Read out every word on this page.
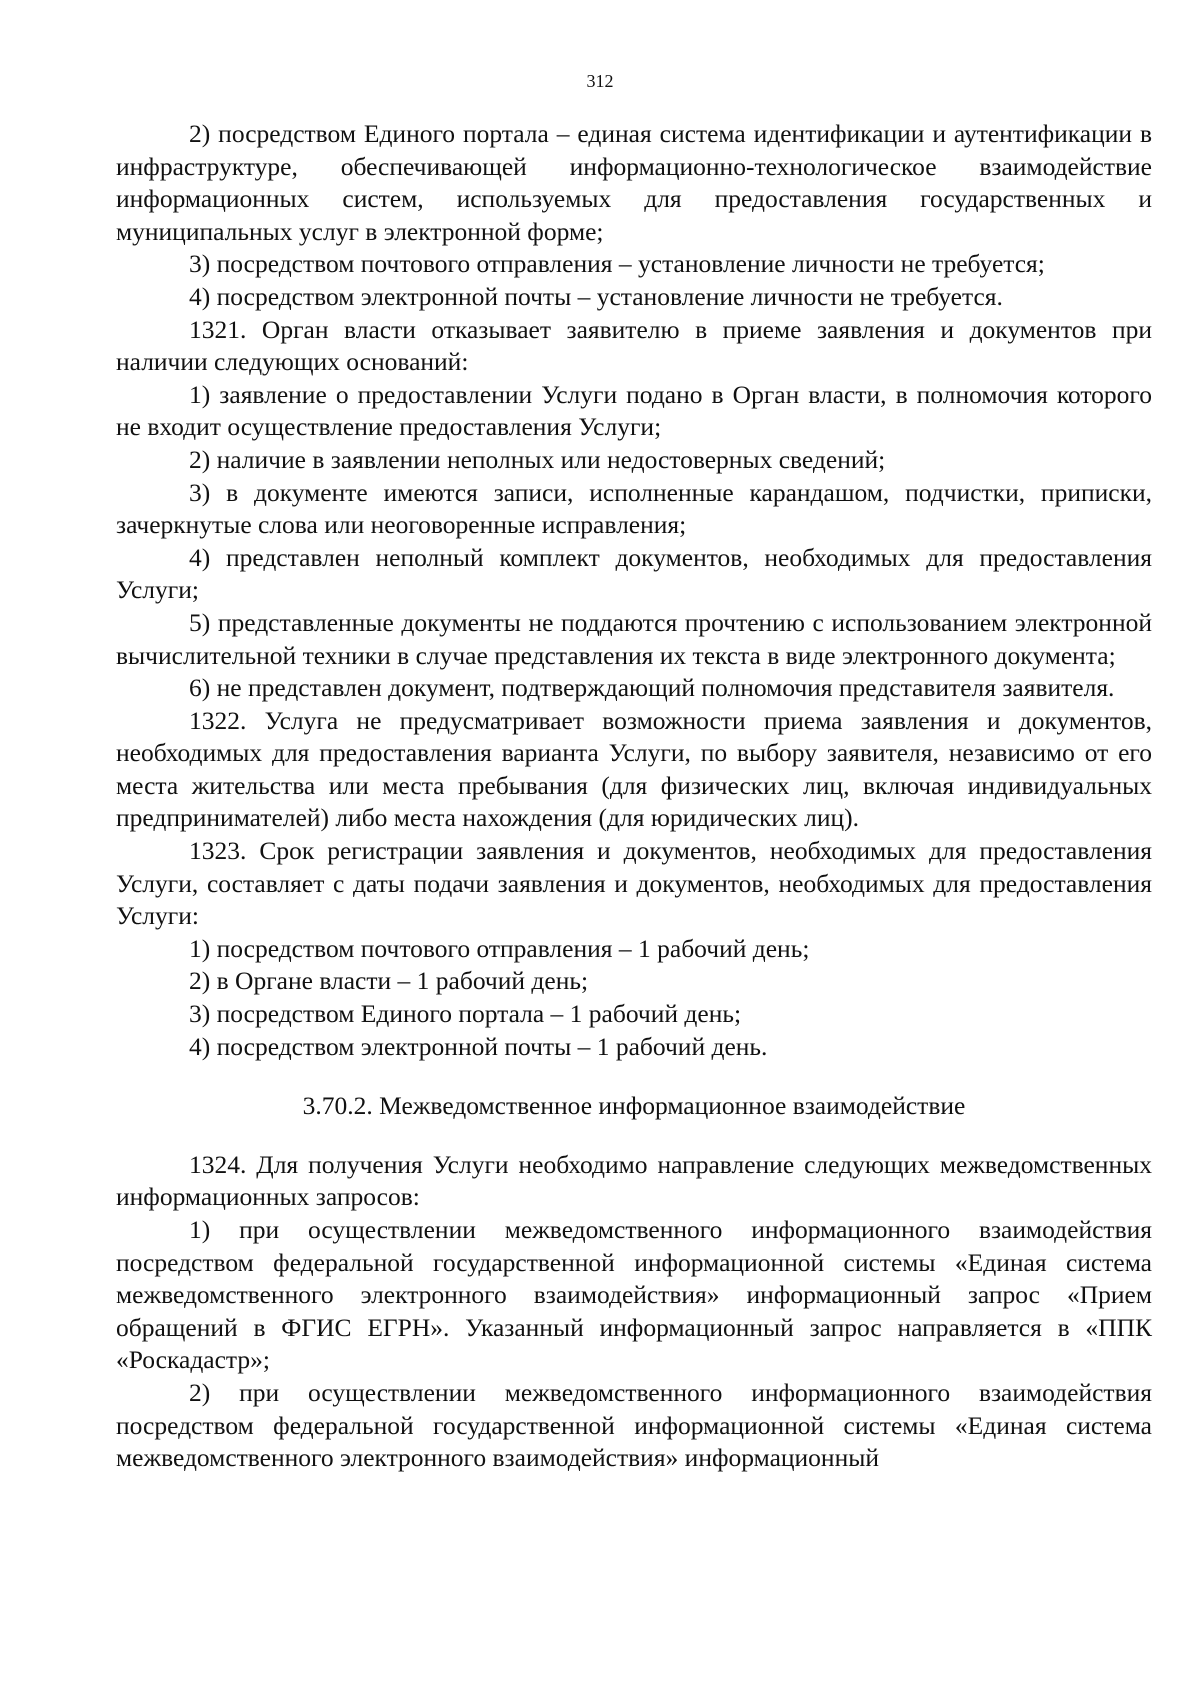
312

2) посредством Единого портала – единая система идентификации и аутентификации в инфраструктуре, обеспечивающей информационно-технологическое взаимодействие информационных систем, используемых для предоставления государственных и муниципальных услуг в электронной форме;

3) посредством почтового отправления – установление личности не требуется;

4) посредством электронной почты – установление личности не требуется.

1321. Орган власти отказывает заявителю в приеме заявления и документов при наличии следующих оснований:

1) заявление о предоставлении Услуги подано в Орган власти, в полномочия которого не входит осуществление предоставления Услуги;

2) наличие в заявлении неполных или недостоверных сведений;

3) в документе имеются записи, исполненные карандашом, подчистки, приписки, зачеркнутые слова или неоговоренные исправления;

4) представлен неполный комплект документов, необходимых для предоставления Услуги;

5) представленные документы не поддаются прочтению с использованием электронной вычислительной техники в случае представления их текста в виде электронного документа;

6) не представлен документ, подтверждающий полномочия представителя заявителя.

1322. Услуга не предусматривает возможности приема заявления и документов, необходимых для предоставления варианта Услуги, по выбору заявителя, независимо от его места жительства или места пребывания (для физических лиц, включая индивидуальных предпринимателей) либо места нахождения (для юридических лиц).

1323. Срок регистрации заявления и документов, необходимых для предоставления Услуги, составляет с даты подачи заявления и документов, необходимых для предоставления Услуги:

1) посредством почтового отправления – 1 рабочий день;

2) в Органе власти – 1 рабочий день;

3) посредством Единого портала – 1 рабочий день;

4) посредством электронной почты – 1 рабочий день.

3.70.2. Межведомственное информационное взаимодействие

1324. Для получения Услуги необходимо направление следующих межведомственных информационных запросов:

1) при осуществлении межведомственного информационного взаимодействия посредством федеральной государственной информационной системы «Единая система межведомственного электронного взаимодействия» информационный запрос «Прием обращений в ФГИС ЕГРН». Указанный информационный запрос направляется в «ППК «Роскадастр»;

2) при осуществлении межведомственного информационного взаимодействия посредством федеральной государственной информационной системы «Единая система межведомственного электронного взаимодействия» информационный
